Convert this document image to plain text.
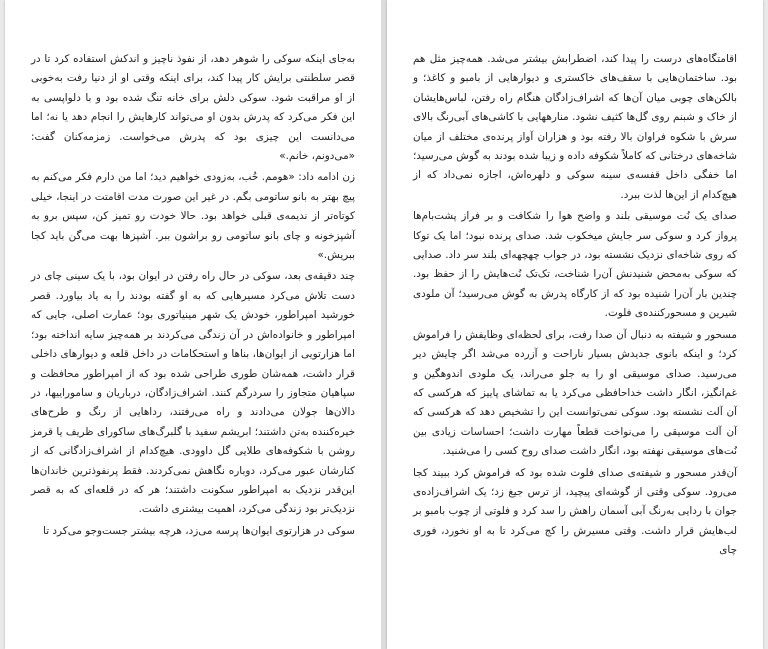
به‌جای اینکه سوکی را شوهر دهد، از نفوذ ناچیز و اندکش استفاده کرد تا در قصر سلطنتی برایش کار پیدا کند، برای اینکه وقتی او از دنیا رفت به‌خوبی از او مراقبت شود. سوکی دلش برای خانه تنگ شده بود و با دلواپسی به این فکر می‌کرد که پدرش بدون او می‌تواند کارهایش را انجام دهد یا نه؛ اما می‌دانست این چیزی بود که پدرش می‌خواست. زمزمه‌کنان گفت: «می‌دونم، خانم.»

زن ادامه داد: «هومم. خُب، به‌زودی خواهیم دید؛ اما من دارم فکر می‌کنم به پیچ بهتر به بانو ساتومی بگم. در غیر این صورت مدت اقامتت در اینجا، خیلی کوتاه‌تر از ندیمه‌ی قبلی خواهد بود. حالا خودت رو تمیز کن، سپس برو به آشپزخونه و چای بانو ساتومی رو براشون ببر. آشپزها بهت می‌گن باید کجا ببریش.»

چند دقیقه‌ی بعد، سوکی در حال راه رفتن در ایوان بود، با یک سینی چای در دست تلاش می‌کرد مسیرهایی که به او گفته بودند را به یاد بیاورد. قصر خورشید امپراطور، خودش یک شهر مینیاتوری بود؛ عمارت اصلی، جایی که امپراطور و خانواده‌اش در آن زندگی می‌کردند بر همه‌چیز سایه انداخته بود؛ اما هزارتویی از ایوان‌ها، بناها و استحکامات در داخل قلعه و دیوارهای داخلی قرار داشت، همه‌شان طوری طراحی شده بود که از امپراطور محافظت و سپاهیان متجاوز را سردرگم کنند. اشراف‌زادگان، درباریان و ساموراییها، در دالان‌ها جولان می‌دادند و راه می‌رفتند، رداهایی از رنگ و طرح‌های خیره‌کننده به‌تن داشتند؛ ابریشم سفید با گلبرگ‌های ساکورای ظریف یا قرمز روشن با شکوفه‌های طلایی گل داوودی. هیچ‌کدام از اشراف‌زادگانی که از کنارشان عبور می‌کرد، دوباره نگاهش نمی‌کردند. فقط پرنفوذترین خاندان‌ها این‌قدر نزدیک به امپراطور سکونت داشتند؛ هر که در قلعه‌ای که به قصر نزدیک‌تر بود زندگی می‌کرد، اهمیت بیشتری داشت.

سوکی در هزارتوی ایوان‌ها پرسه می‌زد، هرچه بیشتر جست‌وجو می‌کرد تا

اقامتگاه‌های درست را پیدا کند، اضطرابش بیشتر می‌شد. همه‌چیز مثل هم بود. ساختمان‌هایی با سقف‌های خاکستری و دیوارهایی از بامبو و کاغذ؛ و بالکن‌های چوبی میان آن‌ها که اشراف‌زادگان هنگام راه رفتن، لباس‌هایشان از خاک و شبنم روی گل‌ها کثیف نشود. منارههایی با کاشی‌های آبی‌رنگ بالای سرش با شکوه فراوان بالا رفته بود و هزاران آواز پرنده‌ی مختلف از میان شاخه‌های درختانی که کاملاً شکوفه داده و زیبا شده بودند به گوش می‌رسید؛ اما خفگی داخل قفسه‌ی سینه سوکی و دلهره‌اش، اجازه نمی‌داد که از هیچ‌کدام از این‌ها لذت ببرد.

صدای یک نُت موسیقی بلند و واضح هوا را شکافت و بر فراز پشت‌بام‌ها پرواز کرد و سوکی سر جایش میخکوب شد. صدای پرنده نبود؛ اما یک توکا که روی شاخه‌ای نزدیک نشسته بود، در جواب چهچهه‌ای بلند سر داد. صدایی که سوکی به‌محض شنیدنش آن‌را شناخت، تک‌تک نُت‌هایش را از حفظ بود. چندین بار آن‌را شنیده بود که از کارگاه پدرش به گوش می‌رسید؛ آن ملودی شیرین و مسحورکننده‌ی فلوت.

مسحور و شیفته به دنبال آن صدا رفت، برای لحظه‌ای وظایفش را فراموش کرد؛ و اینکه بانوی جدیدش بسیار ناراحت و آزرده می‌شد اگر چایش دیر می‌رسید. صدای موسیقی او را به جلو می‌راند، یک ملودی اندوهگین و غم‌انگیز، انگار داشت خداحافظی می‌کرد یا به تماشای پاییز که هرکسی که آن آلت نشسته بود. سوکی نمی‌توانست این را تشخیص دهد که هرکسی که آن آلت موسیقی را می‌نواخت قطعاً مهارت داشت؛ احساسات زیادی بین نُت‌های موسیقی نهفته بود، انگار داشت صدای روح کسی را می‌شنید.

آن‌قدر مسحور و شیفته‌ی صدای فلوت شده بود که فراموش کرد ببیند کجا می‌رود. سوکی وقتی از گوشه‌ای پیچید، از ترس جیغ زد؛ یک اشراف‌زاده‌ی جوان با ردایی به‌رنگ آبی آسمان راهش را سد کرد و فلوتی از چوب بامبو بر لب‌هایش قرار داشت. وقتی مسیرش را کج می‌کرد تا به او نخورد، فوری چای
